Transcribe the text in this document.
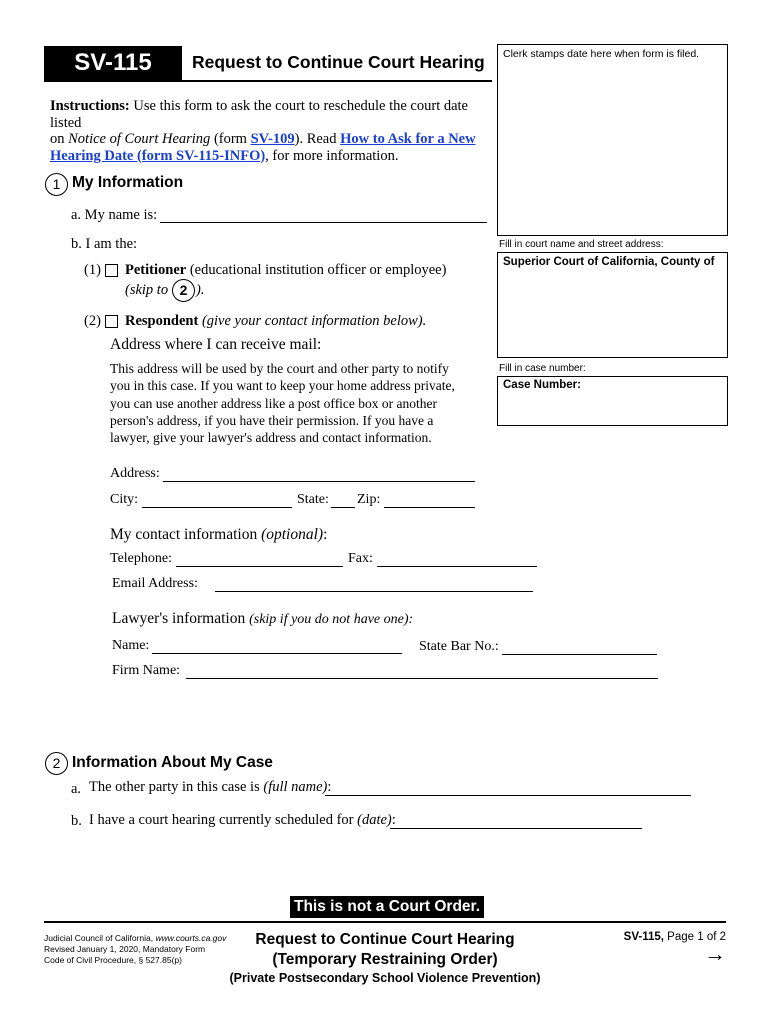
SV-115	Request to Continue Court Hearing Clerk stamps date here when form is filed.
Fill in court name and street address:
Superior Court of California, County of
Fill in case number:
Case Number:
Instructions: Use this form to ask the court to reschedule the court date listed
on Notice of Court Hearing (form SV-109). Read How to Ask for a New
Hearing Date (form SV-115-INFO), for more information.
1 My Information
a. My name is:
b. I am the:
(1) Petitioner (educational institution officer or employee)
(skip to 2 ).
(2) Respondent (give your contact information below).
Address where I can receive mail:
This address will be used by the court and other party to notify
you in this case. If you want to keep your home address private,
you can use another address like a post office box or another
person's address, if you have their permission. If you have a
lawyer, give your lawyer's address and contact information.
Address:
City:	State: Zip:
My contact information (optional):
Telephone:	Fax:
Email Address:
Lawyer's information (skip if you do not have one):
Name:	State Bar No.:
Firm Name:
2 Information About My Case
a. The other party in this case is (full name):
b. I have a court hearing currently scheduled for (date):
This is not a Court Order.
Judicial Council of California, www.courts.ca.gov
Revised January 1, 2020, Mandatory Form
Code of Civil Procedure, § 527.85(p)
Request to Continue Court Hearing
(Temporary Restraining Order)
(Private Postsecondary School Violence Prevention)
SV-115, Page 1 of 2
→
